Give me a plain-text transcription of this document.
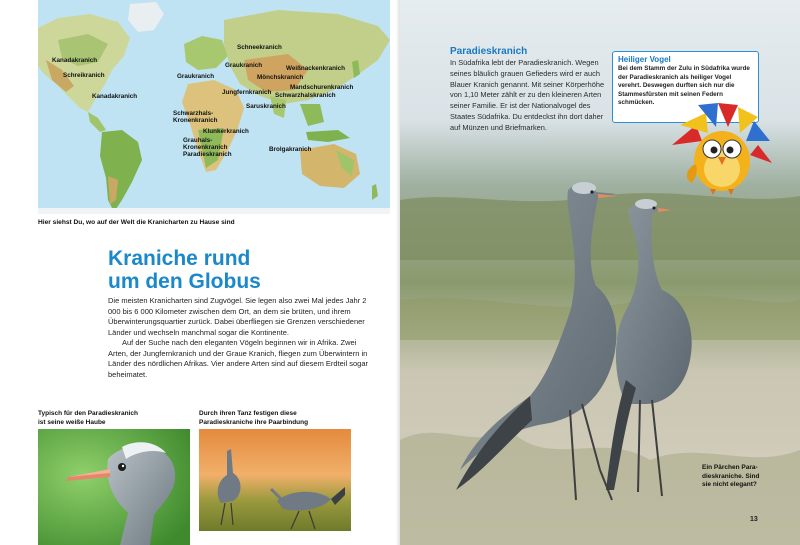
Kanadakranich
Schreikranich
Kanadakranich
Schneekranich
Graukranich
Graukranich	Weißnackenkranich
Mönchskranich
Jungfernkranich
Mandschurenkranich
Schwarzhalskranich
Saruskranich
Schwarzhals-
Kronenkranich
Klunkerkranich
Grauhals-
Kronenkranich
Paradieskranich
Brolgakranich
Hier siehst Du, wo auf der Welt die Kranicharten zu Hause sind
Kraniche rund
um den Globus

Die meisten Kranicharten sind Zugvögel. Sie legen also zwei Mal jedes Jahr 2 000 bis 6 000 Kilometer zwischen dem Ort, an dem sie brüten, und ihrem Überwinterungsquartier zurück. Dabei überfliegen sie Grenzen verschiedener Länder und wechseln manchmal sogar die Kontinente.

Auf der Suche nach den eleganten Vögeln beginnen wir in Afrika. Zwei Arten, der Jungfernkranich und der Graue Kranich, fliegen zum Überwintern in Länder des nördlichen Afrikas. Vier andere Arten sind auf diesem Erdteil sogar beheimatet.

Typisch für den Paradieskranich
ist seine weiße Haube
Durch ihren Tanz festigen diese
Paradieskraniche ihre Paarbindung
Paradieskranich
In Südafrika lebt der Paradieskranich. Wegen seines bläulich grauen Gefieders wird er auch Blauer Kranich genannt. Mit seiner Körperhöhe von 1,10 Meter zählt er zu den kleineren Arten seiner Familie. Er ist der Nationalvogel des Staates Südafrika. Du entdeckst ihn dort daher auf Münzen und Briefmarken.
Heiliger Vogel
Bei dem Stamm der Zulu in Südafrika wurde der Paradieskranich als heiliger Vogel verehrt. Deswegen durften sich nur die Stammesfürsten mit seinen Federn schmücken.
Ein Pärchen Para-
dieskraniche. Sind
sie nicht elegant?
13
